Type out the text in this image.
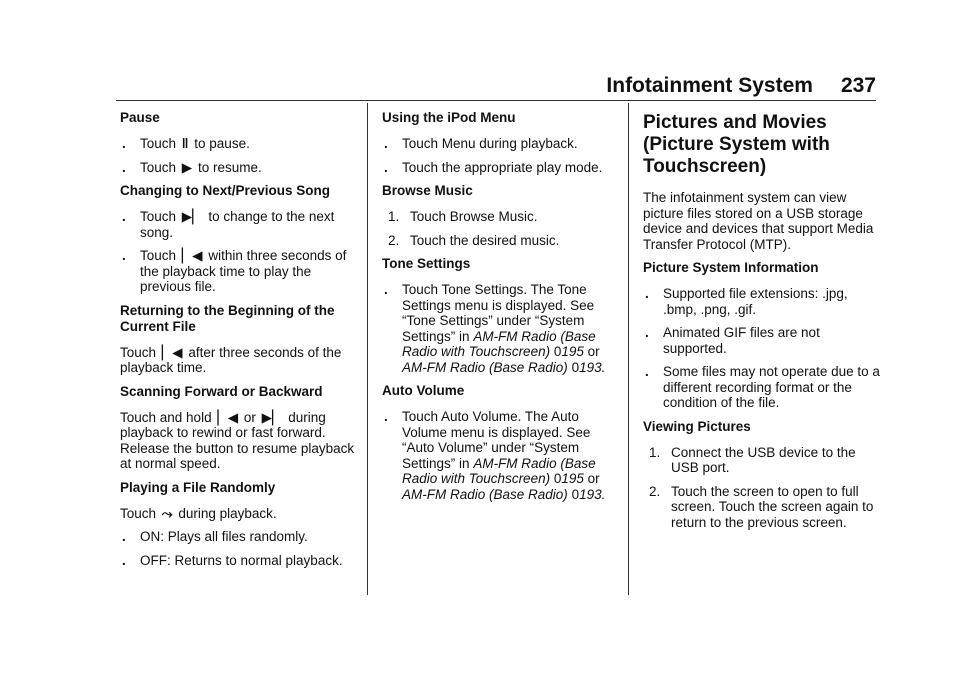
Infotainment System 237
Pause
. Touch ‖ to pause.
. Touch ▶ to resume.
Changing to Next/Previous Song
. Touch ▶▏ to change to the next song.
. Touch ▏◀ within three seconds of the playback time to play the previous file.
Returning to the Beginning of the Current File
Touch ▏◀ after three seconds of the playback time.
Scanning Forward or Backward
Touch and hold ▏◀ or ▶▏ during playback to rewind or fast forward. Release the button to resume playback at normal speed.
Playing a File Randomly
Touch ⤳ during playback.
. ON: Plays all files randomly.
. OFF: Returns to normal playback.
Using the iPod Menu
. Touch Menu during playback.
. Touch the appropriate play mode.
Browse Music
1. Touch Browse Music.
2. Touch the desired music.
Tone Settings
. Touch Tone Settings. The Tone Settings menu is displayed. See “Tone Settings” under “System Settings” in AM-FM Radio (Base Radio with Touchscreen) 0195 or AM-FM Radio (Base Radio) 0193.
Auto Volume
. Touch Auto Volume. The Auto Volume menu is displayed. See “Auto Volume” under “System Settings” in AM-FM Radio (Base Radio with Touchscreen) 0195 or AM-FM Radio (Base Radio) 0193.
Pictures and Movies
(Picture System with
Touchscreen)
The infotainment system can view picture files stored on a USB storage device and devices that support Media Transfer Protocol (MTP).
Picture System Information
. Supported file extensions: .jpg, .bmp, .png, .gif.
. Animated GIF files are not supported.
. Some files may not operate due to a different recording format or the condition of the file.
Viewing Pictures
1. Connect the USB device to the USB port.
2. Touch the screen to open to full screen. Touch the screen again to return to the previous screen.
